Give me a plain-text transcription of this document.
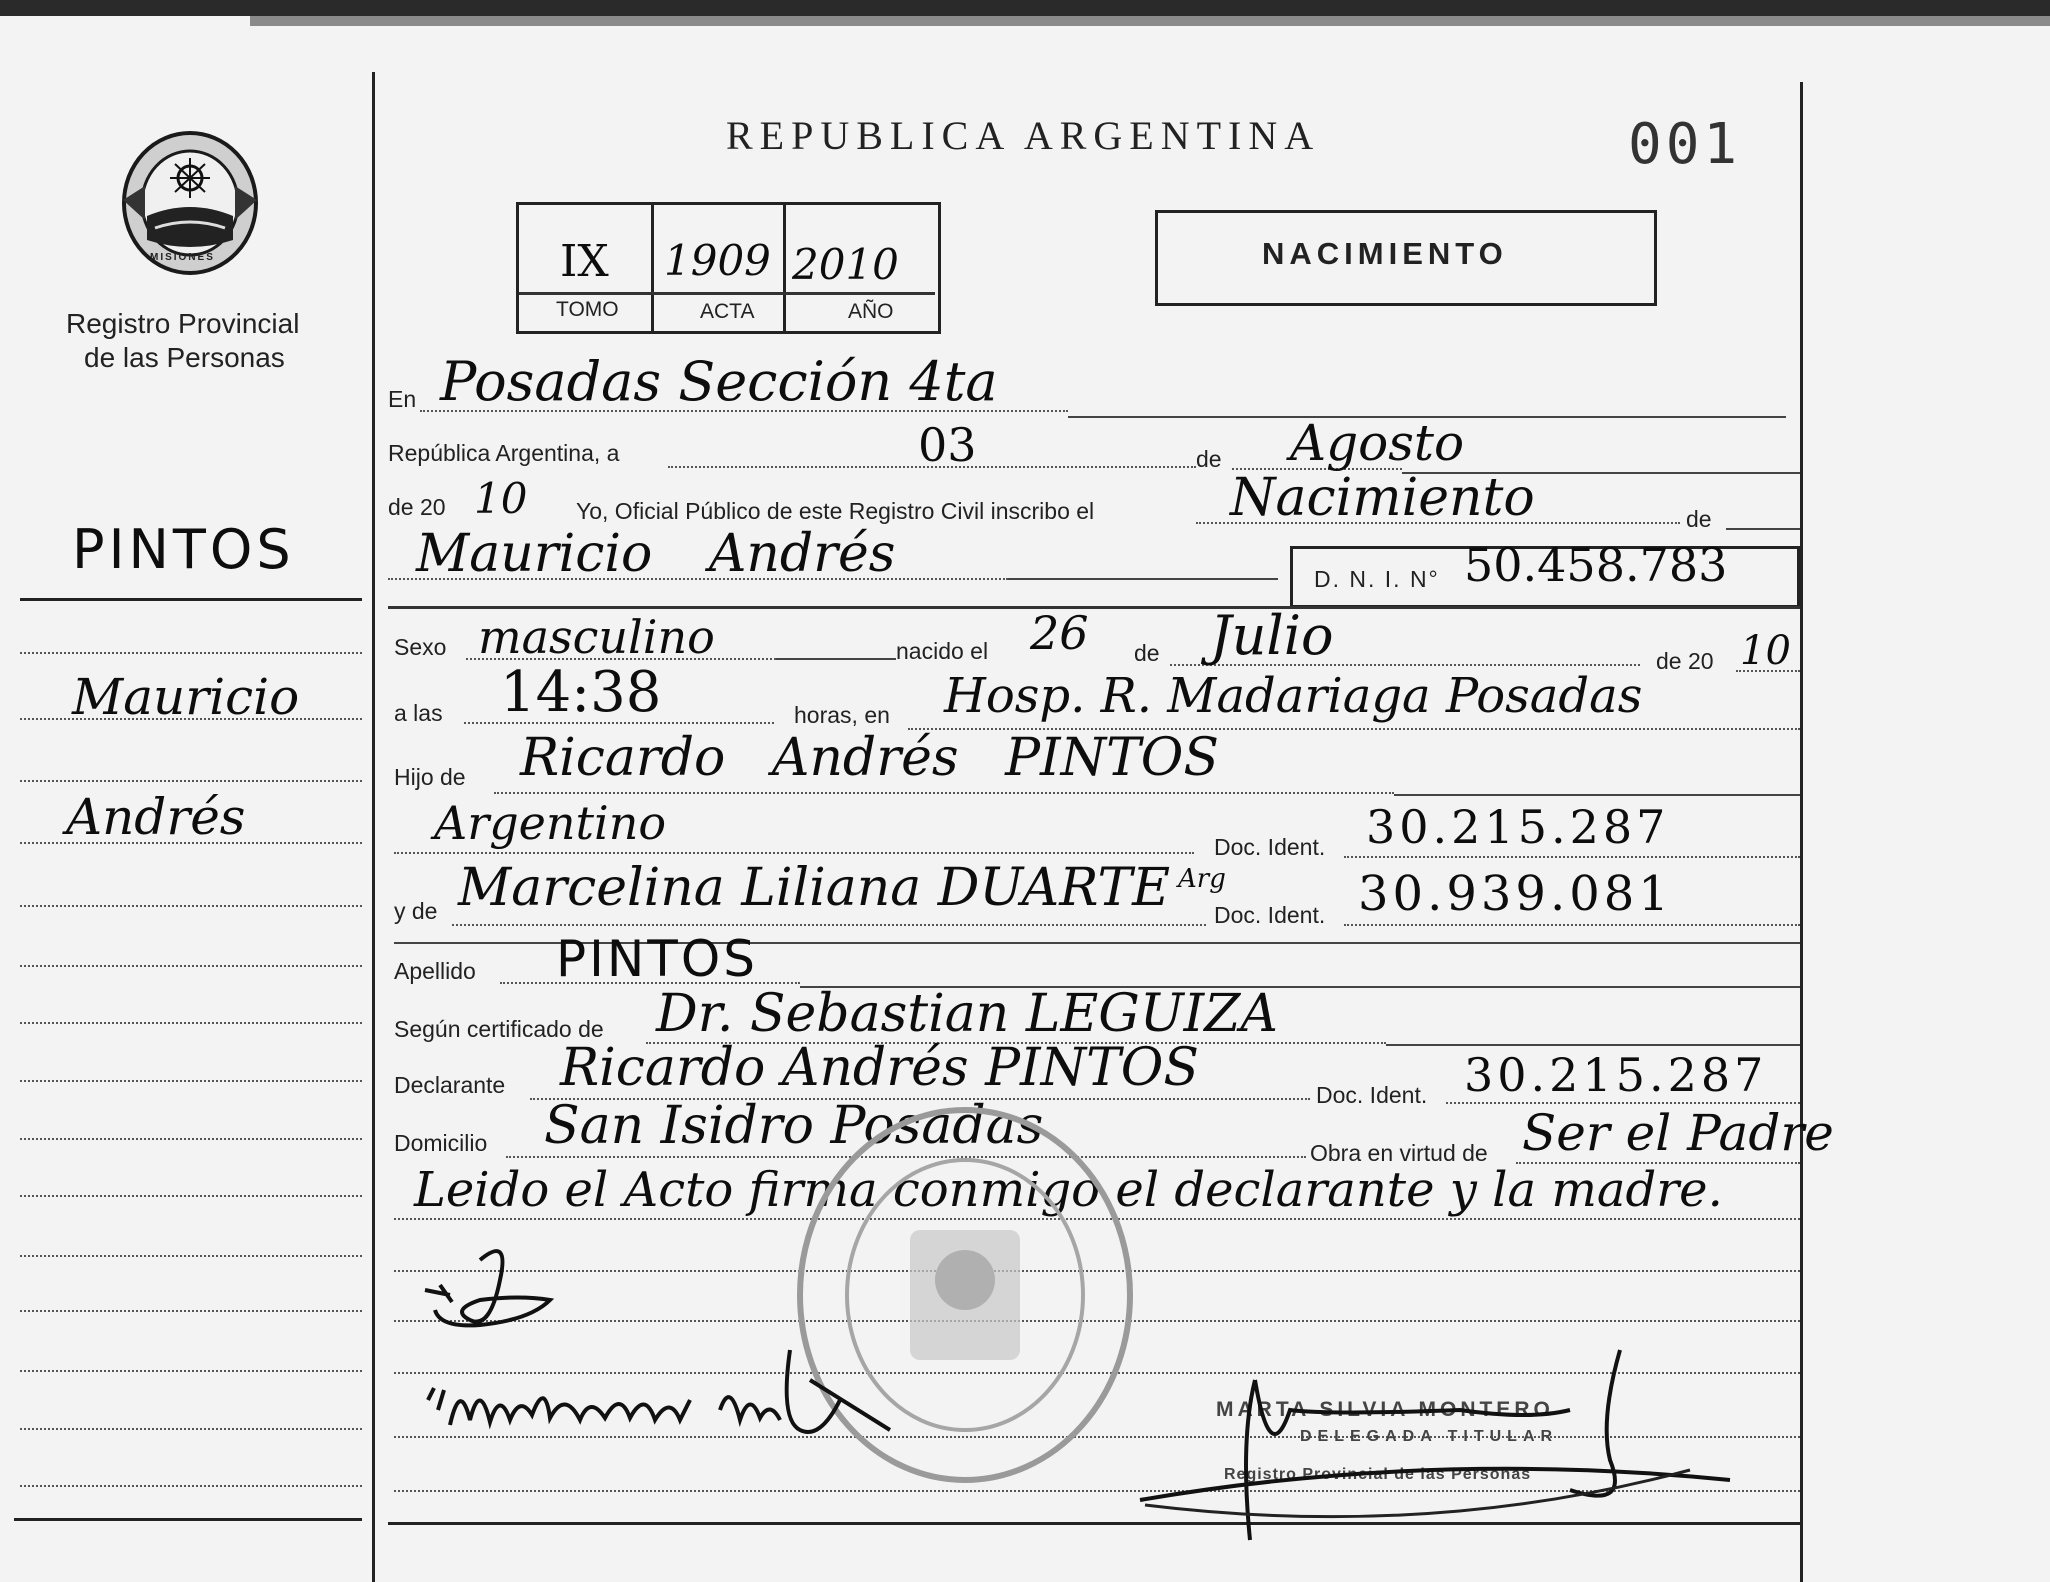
MISIONES
Registro Provincial
de las Personas
PINTOS
Mauricio
Andrés
REPUBLICA ARGENTINA	001
IX 1909 2010
TOMO	ACTA	AÑO
NACIMIENTO
En Posadas Sección 4ta
República Argentina, a	03	de Agosto
de 20 10 Yo, Oficial Público de este Registro Civil inscribo el	Nacimiento	de
Mauricio Andrés	D. N. I. N° 50.458.783
Sexo masculino	nacido el 26 de Julio	de 20 10
a las 14:38	horas, en Hosp. R. Madariaga Posadas
Hijo de Ricardo Andrés PINTOS
Argentino	Doc. Ident. 30.215.287
y de Marcelina Liliana DUARTE Arg
Doc. Ident. 30.939.081
Apellido PINTOS
Según certificado de Dr. Sebastian LEGUIZA
Declarante Ricardo Andrés PINTOS	Doc. Ident. 30.215.287
Domicilio San Isidro Posadas	Obra en virtud de Ser el Padre
Leido el Acto firma conmigo el declarante y la madre.
MARTA SILVIA MONTERO
DELEGADA TITULAR
Registro Provincial de las Personas
